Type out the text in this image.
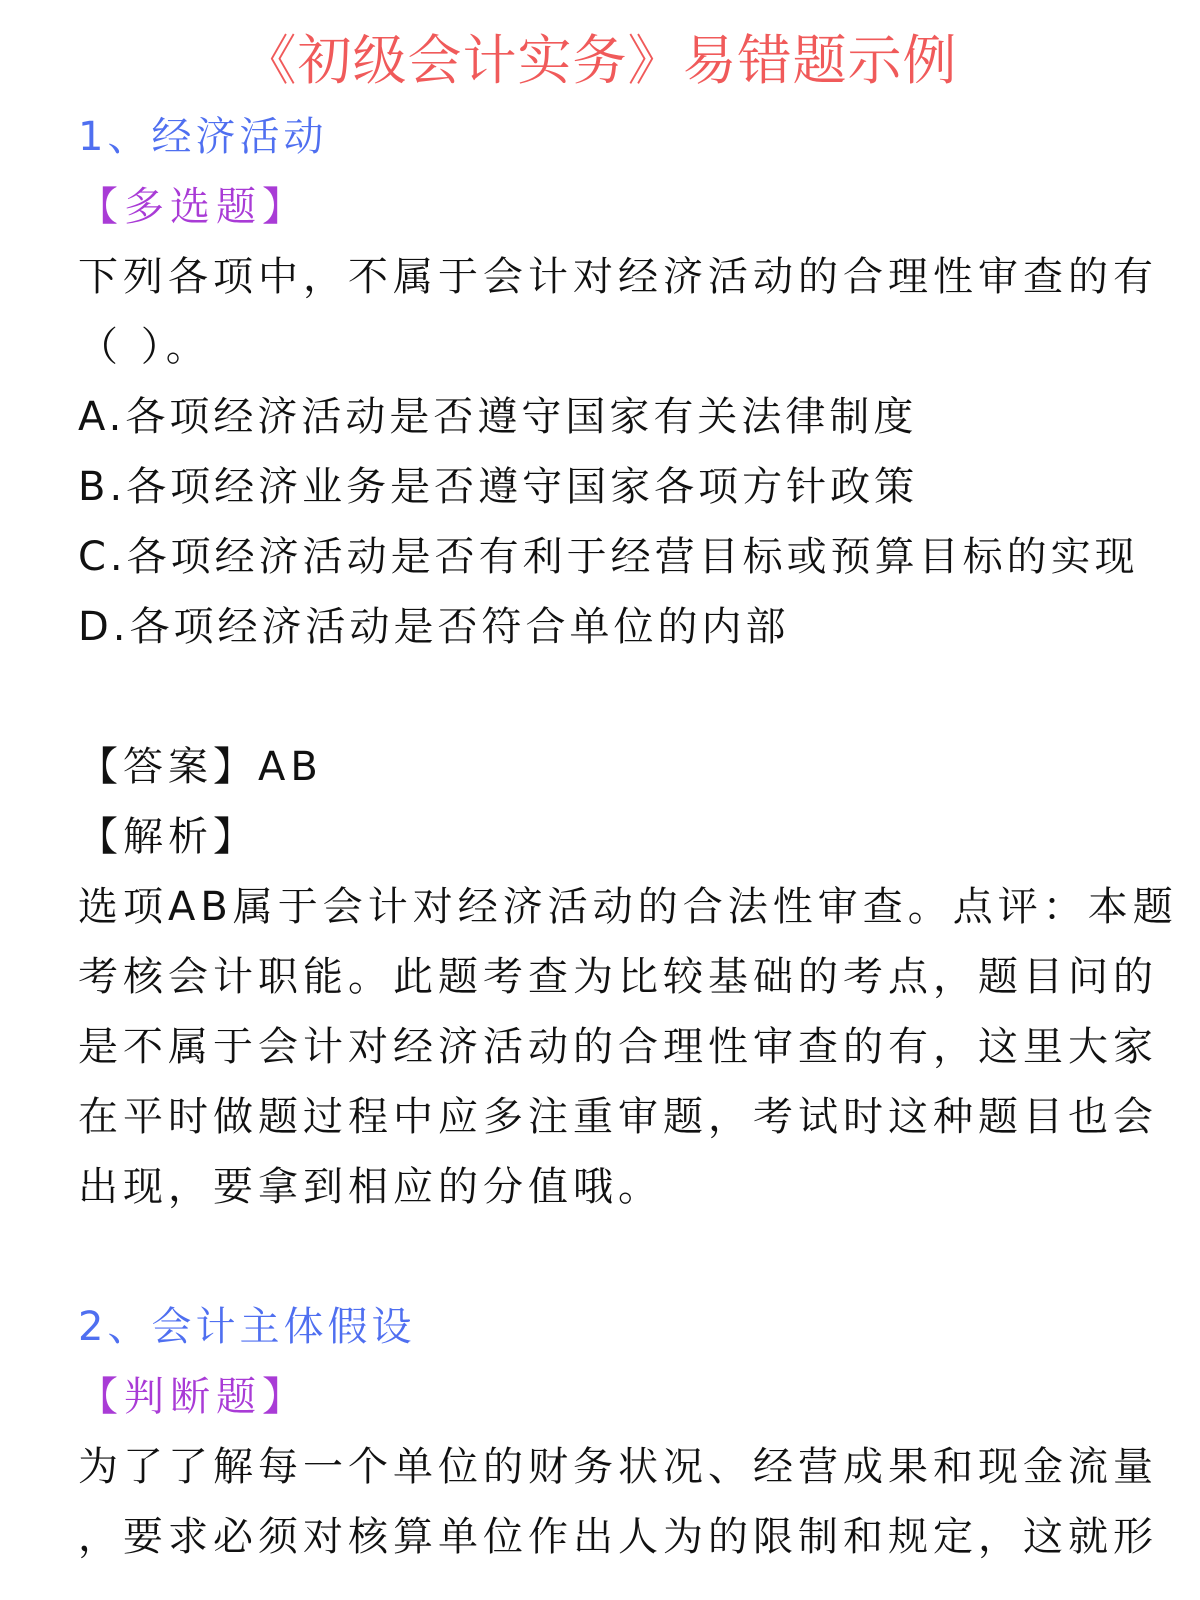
《初级会计实务》易错题示例
1、经济活动
【多选题】
下列各项中，不属于会计对经济活动的合理性审查的有
（ ）。
A.各项经济活动是否遵守国家有关法律制度
B.各项经济业务是否遵守国家各项方针政策
C.各项经济活动是否有利于经营目标或预算目标的实现
D.各项经济活动是否符合单位的内部
【答案】AB
【解析】
选项AB属于会计对经济活动的合法性审查。点评：本题
考核会计职能。此题考查为比较基础的考点，题目问的
是不属于会计对经济活动的合理性审查的有，这里大家
在平时做题过程中应多注重审题，考试时这种题目也会
出现，要拿到相应的分值哦。
2、会计主体假设
【判断题】
为了了解每一个单位的财务状况、经营成果和现金流量
，要求必须对核算单位作出人为的限制和规定，这就形
